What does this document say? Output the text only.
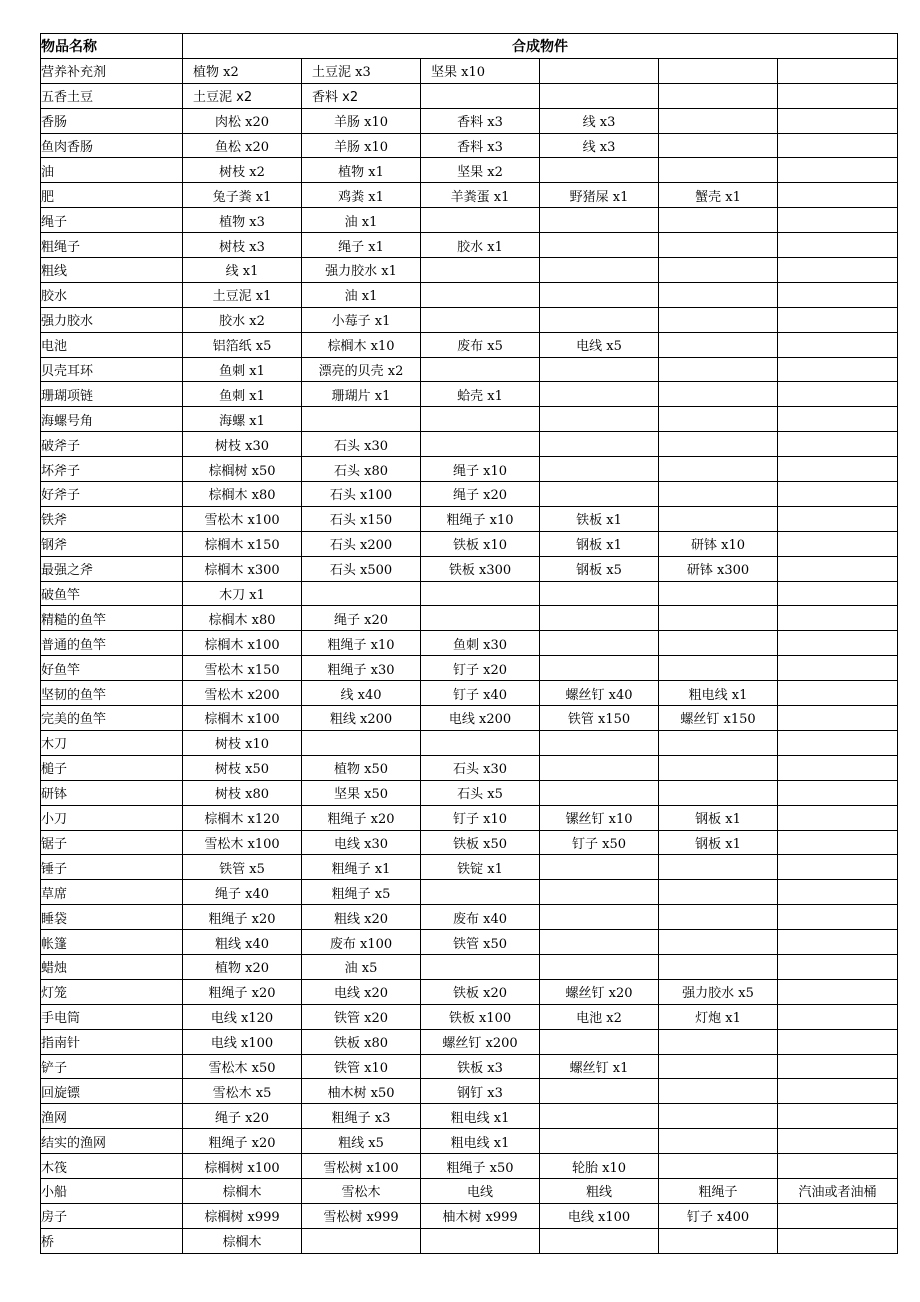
物品名称	合成物件					
营养补充剂	植物 x2	土豆泥 x3	坚果 x10			
五香土豆	土豆泥 x2	香料 x2				
香肠	肉松 x20	羊肠 x10	香料 x3	线 x3		
鱼肉香肠	鱼松 x20	羊肠 x10	香料 x3	线 x3		
油	树枝 x2	植物 x1	坚果 x2			
肥	兔子粪 x1	鸡粪 x1	羊粪蛋 x1	野猪屎 x1	蟹壳 x1	
绳子	植物 x3	油 x1				
粗绳子	树枝 x3	绳子 x1	胶水 x1			
粗线	线 x1	强力胶水 x1				
胶水	土豆泥 x1	油 x1				
强力胶水	胶水 x2	小莓子 x1				
电池	铝箔纸 x5	棕榈木 x10	废布 x5	电线 x5		
贝壳耳环	鱼刺 x1	漂亮的贝壳 x2				
珊瑚项链	鱼刺 x1	珊瑚片 x1	蛤壳 x1			
海螺号角	海螺 x1					
破斧子	树枝 x30	石头 x30				
坏斧子	棕榈树 x50	石头 x80	绳子 x10			
好斧子	棕榈木 x80	石头 x100	绳子 x20			
铁斧	雪松木 x100	石头 x150	粗绳子 x10	铁板 x1		
钢斧	棕榈木 x150	石头 x200	铁板 x10	钢板 x1	研钵 x10	
最强之斧	棕榈木 x300	石头 x500	铁板 x300	钢板 x5	研钵 x300	
破鱼竿	木刀 x1					
精糙的鱼竿	棕榈木 x80	绳子 x20				
普通的鱼竿	棕榈木 x100	粗绳子 x10	鱼刺 x30			
好鱼竿	雪松木 x150	粗绳子 x30	钉子 x20			
坚韧的鱼竿	雪松木 x200	线 x40	钉子 x40	螺丝钉 x40	粗电线 x1	
完美的鱼竿	棕榈木 x100	粗线 x200	电线 x200	铁管 x150	螺丝钉 x150	
木刀	树枝 x10					
槌子	树枝 x50	植物 x50	石头 x30			
研钵	树枝 x80	坚果 x50	石头 x5			
小刀	棕榈木 x120	粗绳子 x20	钉子 x10	镙丝钉 x10	钢板 x1	
锯子	雪松木 x100	电线 x30	铁板 x50	钉子 x50	钢板 x1	
锤子	铁管 x5	粗绳子 x1	铁锭 x1			
草席	绳子 x40	粗绳子 x5				
睡袋	粗绳子 x20	粗线 x20	废布 x40			
帐篷	粗线 x40	废布 x100	铁管 x50			
蜡烛	植物 x20	油 x5				
灯笼	粗绳子 x20	电线 x20	铁板 x20	螺丝钉 x20	强力胶水 x5	
手电筒	电线 x120	铁管 x20	铁板 x100	电池 x2	灯炮 x1	
指南针	电线 x100	铁板 x80	螺丝钉 x200			
铲子	雪松木 x50	铁管 x10	铁板 x3	螺丝钉 x1		
回旋镖	雪松木 x5	柚木树 x50	钢钉 x3			
渔网	绳子 x20	粗绳子 x3	粗电线 x1			
结实的渔网	粗绳子 x20	粗线 x5	粗电线 x1			
木筏	棕榈树 x100	雪松树 x100	粗绳子 x50	轮胎 x10		
小船	棕榈木	雪松木	电线	粗线	粗绳子	汽油或者油桶
房子	棕榈树 x999	雪松树 x999	柚木树 x999	电线 x100	钉子 x400	
桥	棕榈木					
